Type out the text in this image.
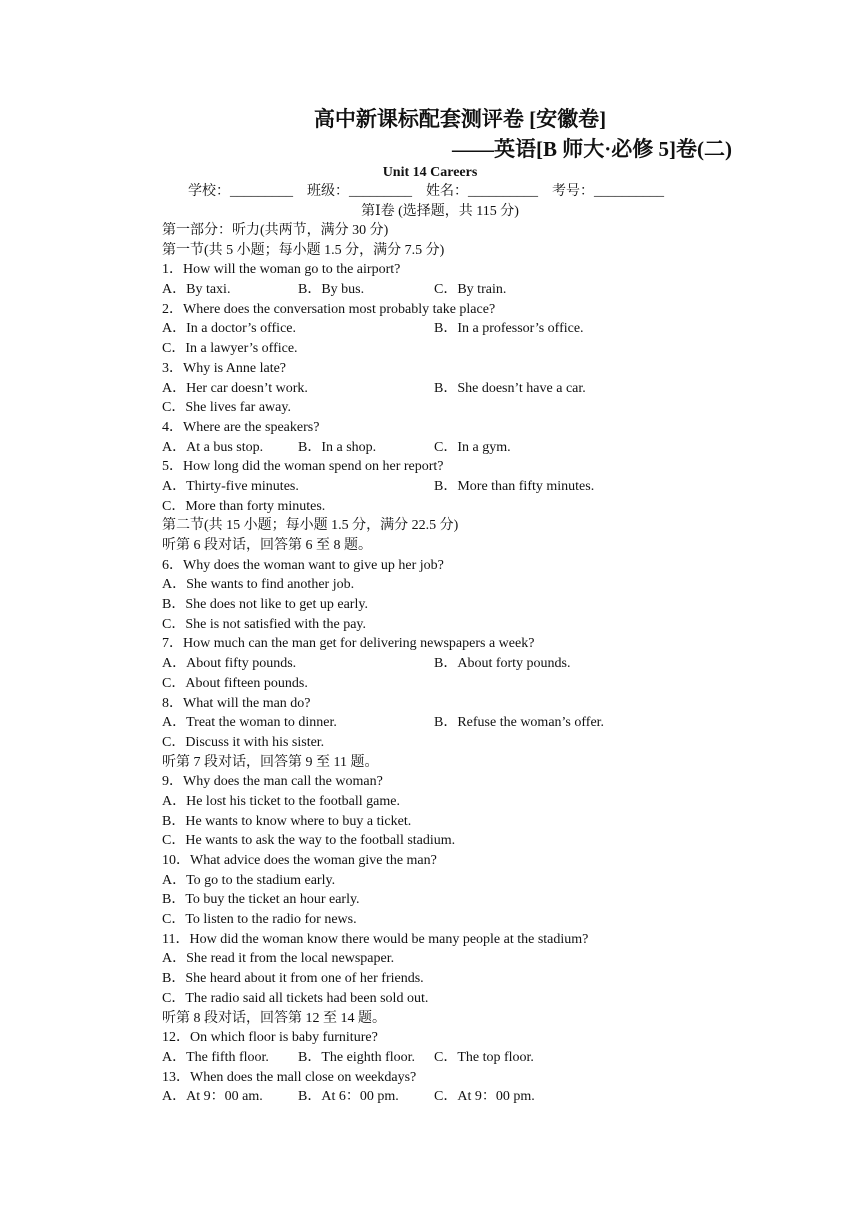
高中新课标配套测评卷 [安徽卷]
——英语[B 师大·必修 5]卷(二)
Unit 14 Careers
学校：_________    班级：_________    姓名：__________    考号：__________
第Ⅰ卷 (选择题，共 115 分)
第一部分：听力(共两节，满分 30 分)
第一节(共 5 小题；每小题 1.5 分，满分 7.5 分)
1．How will the woman go to the airport?
A．By taxi.	B．By bus.	C．By train.
2．Where does the conversation most probably take place?
A．In a doctor’s office.	B．In a professor’s office.
C．In a lawyer’s office.
3．Why is Anne late?
A．Her car doesn’t work.	B．She doesn’t have a car.
C．She lives far away.
4．Where are the speakers?
A．At a bus stop. B．In a shop.	C．In a gym.
5．How long did the woman spend on her report?
A．Thirty-five minutes.	B．More than fifty minutes.
C．More than forty minutes.
第二节(共 15 小题；每小题 1.5 分，满分 22.5 分)
听第 6 段对话，回答第 6 至 8 题。
6．Why does the woman want to give up her job?
A．She wants to find another job.
B．She does not like to get up early.
C．She is not satisfied with the pay.
7．How much can the man get for delivering newspapers a week?
A．About fifty pounds.	B．About forty pounds.
C．About fifteen pounds.
8．What will the man do?
A．Treat the woman to dinner.	B．Refuse the woman’s offer.
C．Discuss it with his sister.
听第 7 段对话，回答第 9 至 11 题。
9．Why does the man call the woman?
A．He lost his ticket to the football game.
B．He wants to know where to buy a ticket.
C．He wants to ask the way to the football stadium.
10．What advice does the woman give the man?
A．To go to the stadium early.
B．To buy the ticket an hour early.
C．To listen to the radio for news.
11．How did the woman know there would be many people at the stadium?
A．She read it from the local newspaper.
B．She heard about it from one of her friends.
C．The radio said all tickets had been sold out.
听第 8 段对话，回答第 12 至 14 题。
12．On which floor is baby furniture?
A．The fifth floor. B．The eighth floor. C．The top floor.
13．When does the mall close on weekdays?
A．At 9：00 am.	B．At 6：00 pm.	C．At 9：00 pm.
